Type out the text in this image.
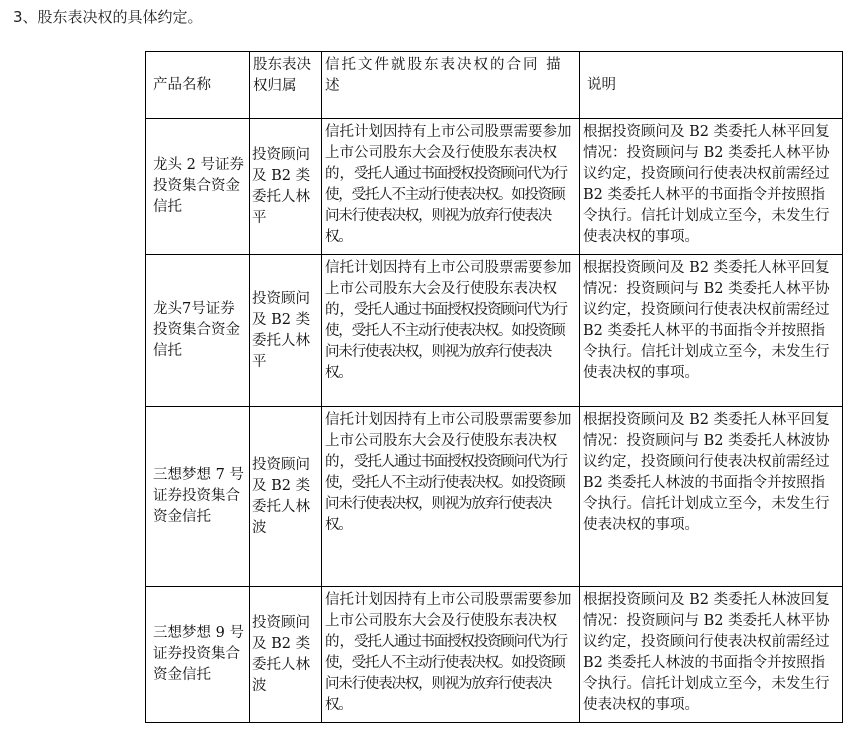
3、股东表决权的具体约定。
产品名称	股东表决权归属	信托文件就股东表决权的合同 描述	说明
龙头 2 号证券投资集合资金信托	投资顾问及 B2 类委托人林平	信托计划因持有上市公司股票需要参加上市公司股东大会及行使股东表决权的，受托人通过书面授权投资顾问代为行使，受托人不主动行使表决权。如投资顾问未行使表决权，则视为放弃行使表决权。	根据投资顾问及 B2 类委托人林平回复情况：投资顾问与 B2 类委托人林平协议约定，投资顾问行使表决权前需经过 B2 类委托人林平的书面指令并按照指令执行。信托计划成立至今，未发生行使表决权的事项。
龙头7号证券投资集合资金信托	投资顾问及 B2 类委托人林平	信托计划因持有上市公司股票需要参加上市公司股东大会及行使股东表决权的，受托人通过书面授权投资顾问代为行使，受托人不主动行使表决权。如投资顾问未行使表决权，则视为放弃行使表决权。	根据投资顾问及 B2 类委托人林平回复情况：投资顾问与 B2 类委托人林平协议约定，投资顾问行使表决权前需经过 B2 类委托人林平的书面指令并按照指令执行。信托计划成立至今，未发生行使表决权的事项。
三想梦想 7 号证券投资集合资金信托	投资顾问及 B2 类委托人林波	信托计划因持有上市公司股票需要参加上市公司股东大会及行使股东表决权的，受托人通过书面授权投资顾问代为行使，受托人不主动行使表决权。如投资顾问未行使表决权，则视为放弃行使表决权。	根据投资顾问及 B2 类委托人林平回复情况：投资顾问与 B2 类委托人林波协议约定，投资顾问行使表决权前需经过 B2 类委托人林波的书面指令并按照指令执行。信托计划成立至今，未发生行使表决权的事项。
三想梦想 9 号证券投资集合资金信托	投资顾问及 B2 类委托人林波	信托计划因持有上市公司股票需要参加上市公司股东大会及行使股东表决权的，受托人通过书面授权投资顾问代为行使，受托人不主动行使表决权。如投资顾问未行使表决权，则视为放弃行使表决权。	根据投资顾问及 B2 类委托人林波回复情况：投资顾问与 B2 类委托人林平协议约定，投资顾问行使表决权前需经过 B2 类委托人林波的书面指令并按照指令执行。信托计划成立至今，未发生行使表决权的事项。
